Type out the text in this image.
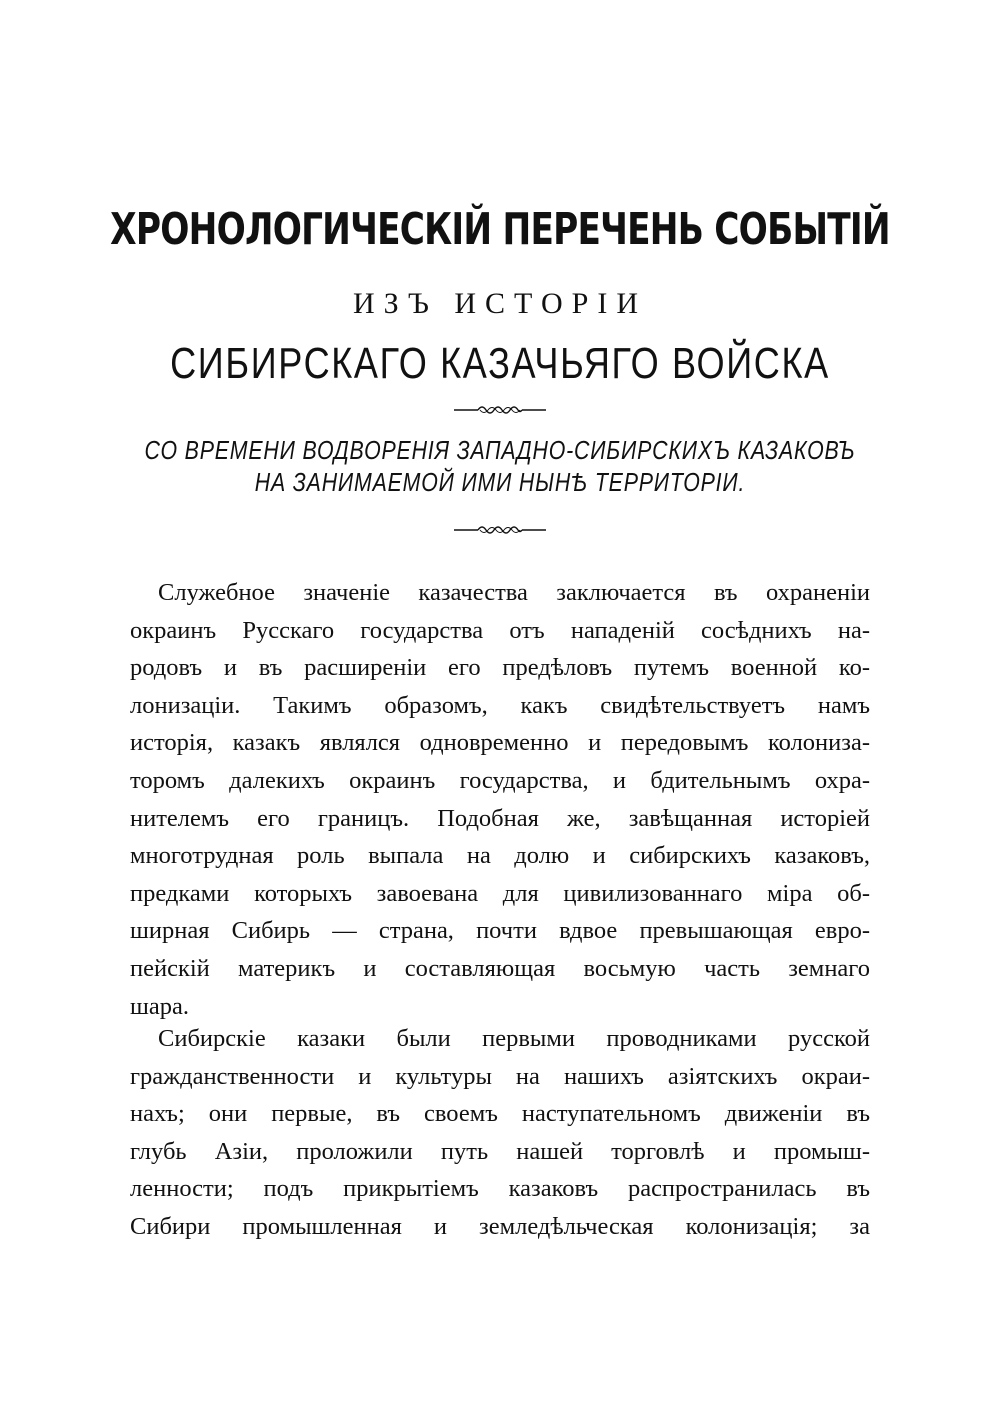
ХРОНОЛОГИЧЕСКІЙ ПЕРЕЧЕНЬ СОБЫТІЙ
ИЗЪ ИСТОРІИ
СИБИРСКАГО КАЗАЧЬЯГО ВОЙСКА
СО ВРЕМЕНИ ВОДВОРЕНІЯ ЗАПАДНО-СИБИРСКИХЪ КАЗАКОВЪ
НА ЗАНИМАЕМОЙ ИМИ НЫНѢ ТЕРРИТОРІИ.
Служебное значеніе казачества заключается въ охраненіи
окраинъ Русскаго государства отъ нападеній сосѣднихъ на-
родовъ и въ расширеніи его предѣловъ путемъ военной ко-
лонизаціи. Такимъ образомъ, какъ свидѣтельствуетъ намъ
исторія, казакъ являлся одновременно и передовымъ колониза-
торомъ далекихъ окраинъ государства, и бдительнымъ охра-
нителемъ его границъ. Подобная же, завѣщанная исторіей
многотрудная роль выпала на долю и сибирскихъ казаковъ,
предками которыхъ завоевана для цивилизованнаго міра об-
ширная Сибирь — страна, почти вдвое превышающая евро-
пейскій материкъ и составляющая восьмую часть земнаго
шара.
Сибирскіе казаки были первыми проводниками русской
гражданственности и культуры на нашихъ азіятскихъ окраи-
нахъ; они первые, въ своемъ наступательномъ движеніи въ
глубь Азіи, проложили путь нашей торговлѣ и промыш-
ленности; подъ прикрытіемъ казаковъ распространилась въ
Сибири промышленная и земледѣльческая колонизація; за
